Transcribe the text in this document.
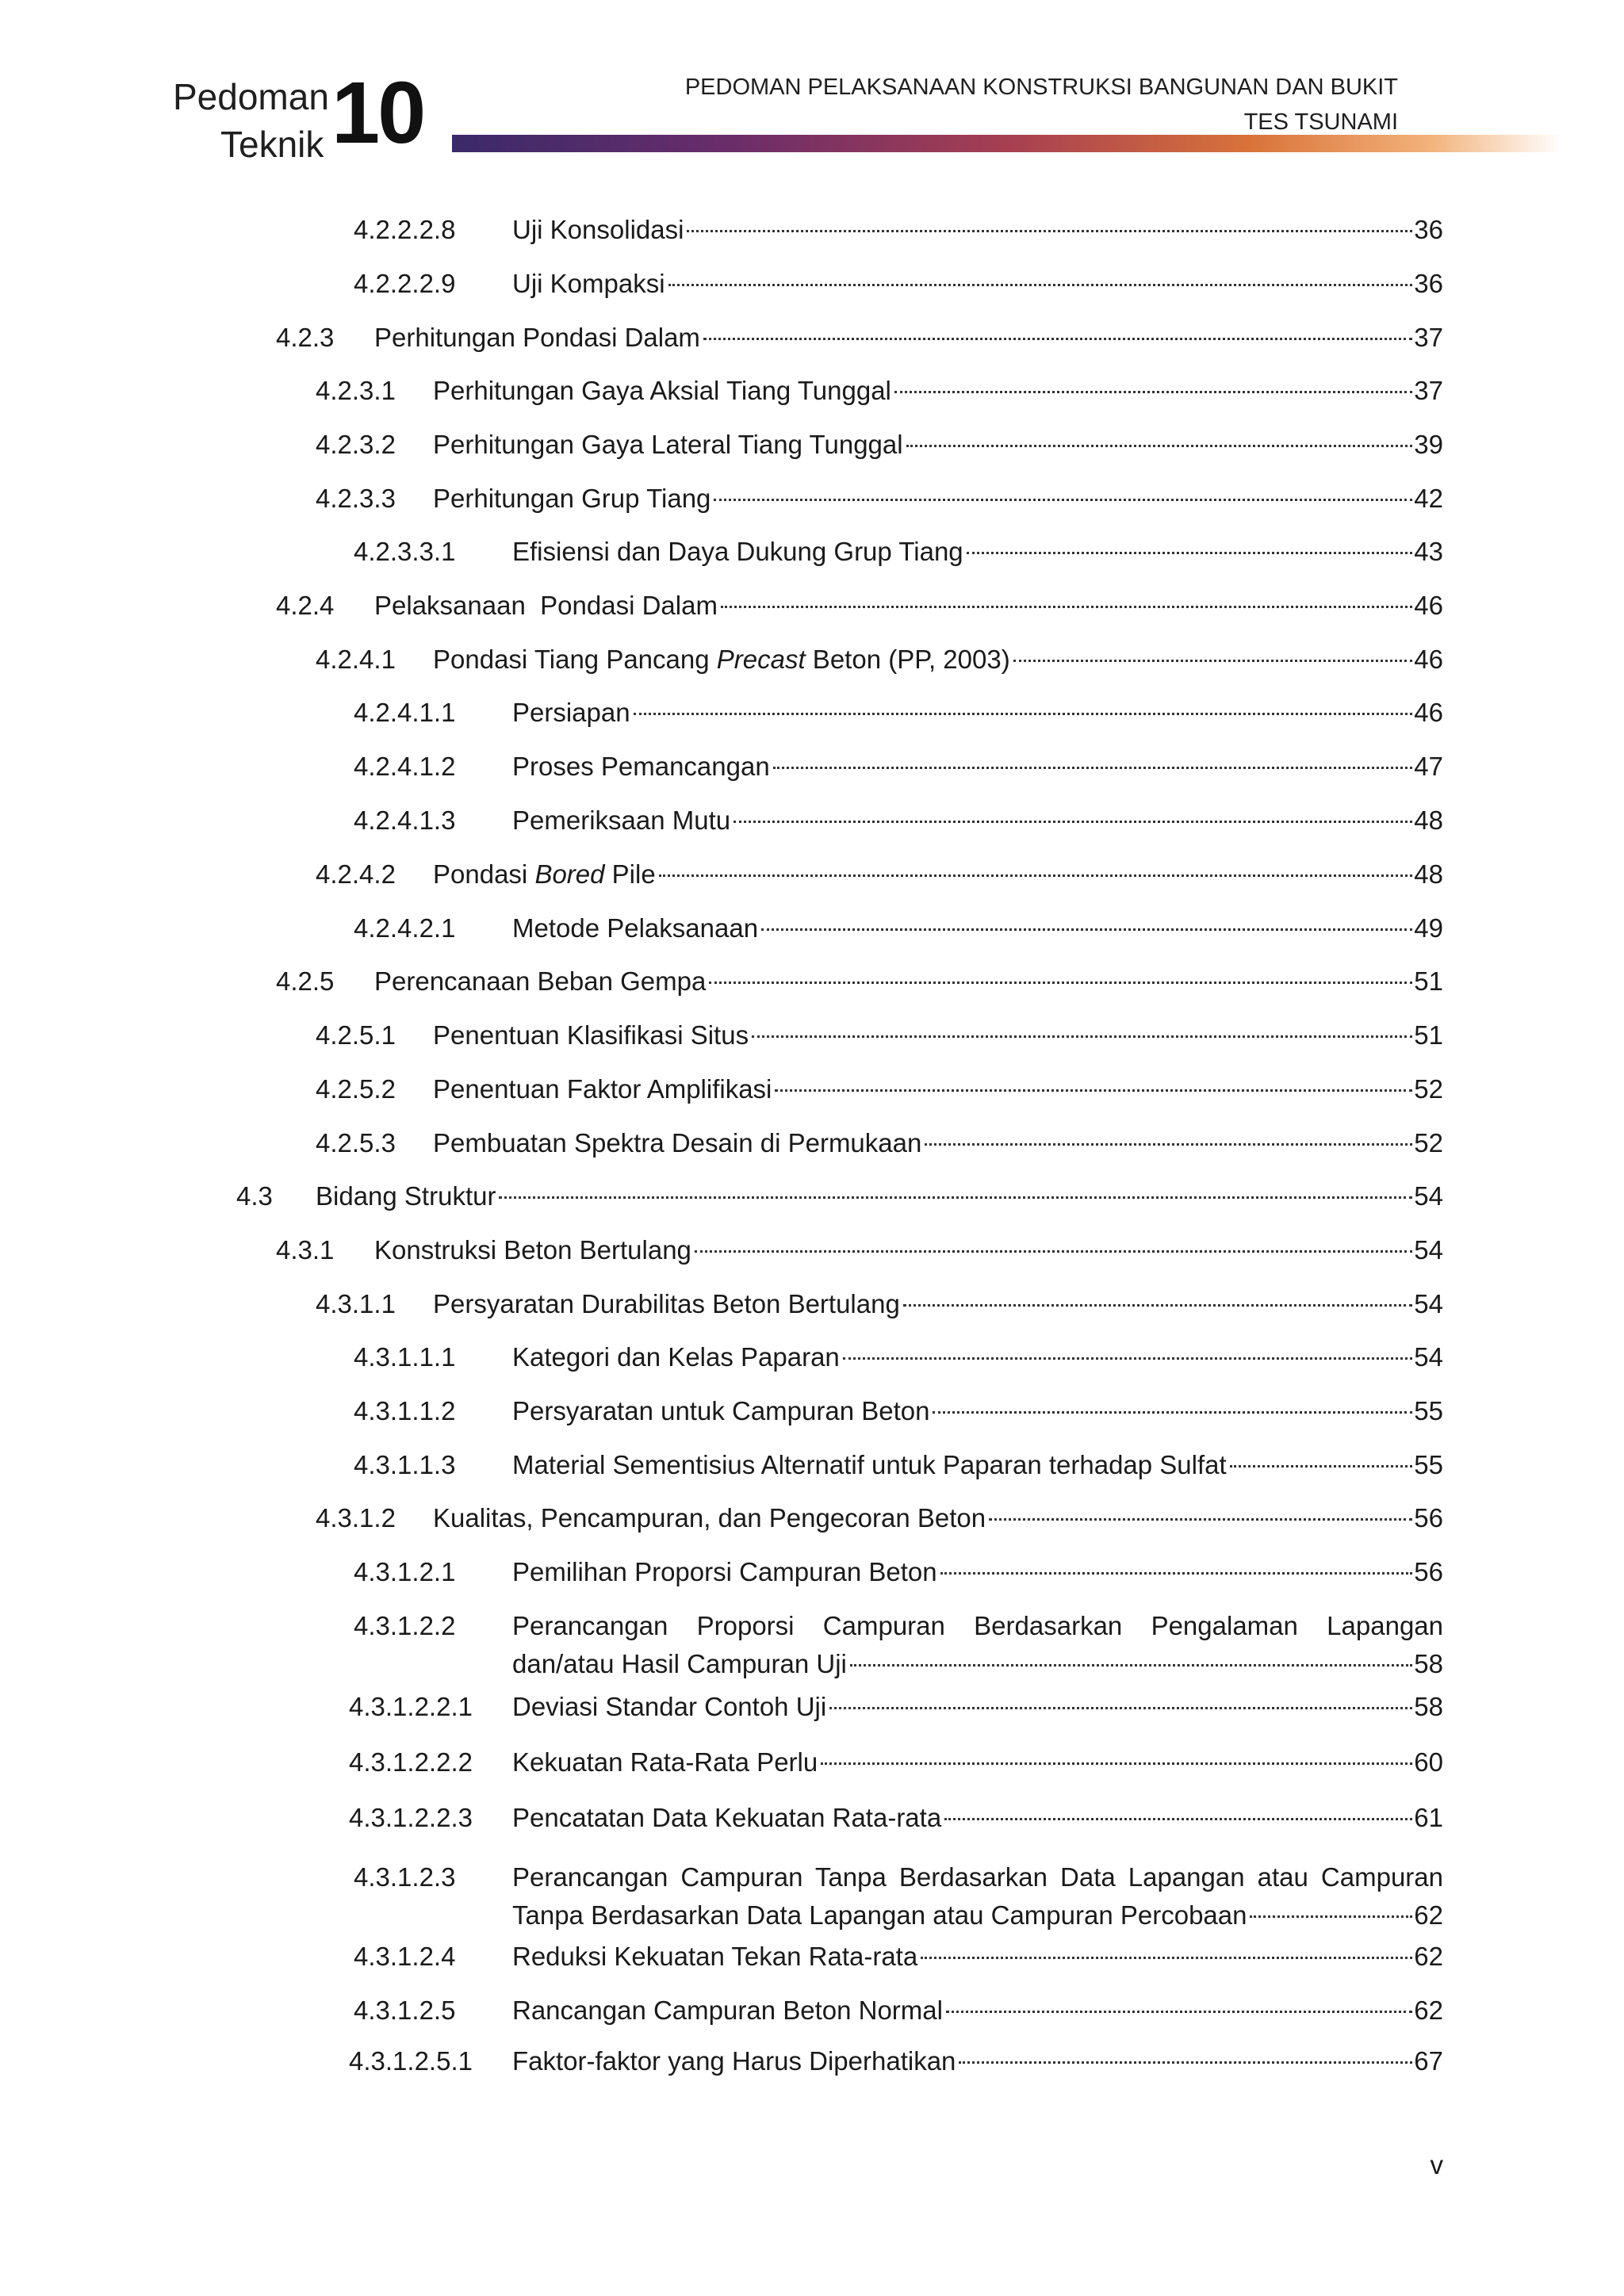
Pedoman
Teknik 10	PEDOMAN PELAKSANAAN KONSTRUKSI BANGUNAN DAN BUKIT
TES TSUNAMI
4.2.2.2.8 Uji Konsolidasi	36
4.2.2.2.9 Uji Kompaksi	36
4.2.3 Perhitungan Pondasi Dalam	37
4.2.3.1 Perhitungan Gaya Aksial Tiang Tunggal	37
4.2.3.2 Perhitungan Gaya Lateral Tiang Tunggal	39
4.2.3.3 Perhitungan Grup Tiang	42
4.2.3.3.1 Efisiensi dan Daya Dukung Grup Tiang	43
4.2.4 Pelaksanaan  Pondasi Dalam	46
4.2.4.1 Pondasi Tiang Pancang Precast Beton (PP, 2003)	46
4.2.4.1.1 Persiapan	46
4.2.4.1.2 Proses Pemancangan	47
4.2.4.1.3 Pemeriksaan Mutu	48
4.2.4.2 Pondasi Bored Pile	48
4.2.4.2.1 Metode Pelaksanaan	49
4.2.5 Perencanaan Beban Gempa	51
4.2.5.1 Penentuan Klasifikasi Situs	51
4.2.5.2 Penentuan Faktor Amplifikasi	52
4.2.5.3 Pembuatan Spektra Desain di Permukaan	52
4.3 Bidang Struktur	54
4.3.1 Konstruksi Beton Bertulang	54
4.3.1.1 Persyaratan Durabilitas Beton Bertulang	54
4.3.1.1.1 Kategori dan Kelas Paparan	54
4.3.1.1.2 Persyaratan untuk Campuran Beton	55
4.3.1.1.3 Material Sementisius Alternatif untuk Paparan terhadap Sulfat	55
4.3.1.2 Kualitas, Pencampuran, dan Pengecoran Beton	56
4.3.1.2.1 Pemilihan Proporsi Campuran Beton	56
4.3.1.2.2 Perancangan Proporsi Campuran Berdasarkan Pengalaman Lapangan
dan/atau Hasil Campuran Uji	58
4.3.1.2.2.1 Deviasi Standar Contoh Uji	58
4.3.1.2.2.2 Kekuatan Rata-Rata Perlu	60
4.3.1.2.2.3 Pencatatan Data Kekuatan Rata-rata	61
4.3.1.2.3 Perancangan Campuran Tanpa Berdasarkan Data Lapangan atau Campuran
Tanpa Berdasarkan Data Lapangan atau Campuran Percobaan	62
4.3.1.2.4 Reduksi Kekuatan Tekan Rata-rata	62
4.3.1.2.5 Rancangan Campuran Beton Normal	62
4.3.1.2.5.1 Faktor-faktor yang Harus Diperhatikan	67
v
